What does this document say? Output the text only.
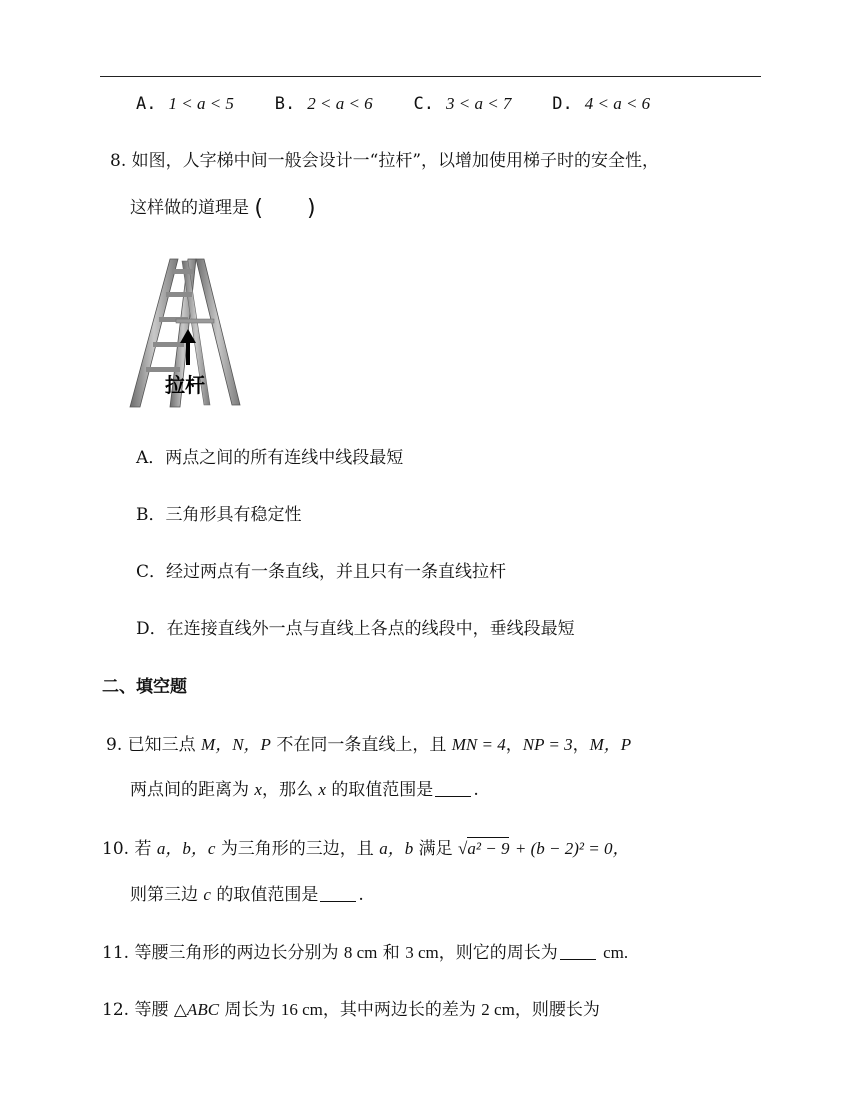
A. 1 < a < 5 B. 2 < a < 6 C. 3 < a < 7 D. 4 < a < 6
8. 如图，人字梯中间一般会设计一“拉杆”，以增加使用梯子时的安全性，
这样做的道理是 (　　)
拉杆
A．两点之间的所有连线中线段最短
B．三角形具有稳定性
C．经过两点有一条直线，并且只有一条直线拉杆
D．在连接直线外一点与直线上各点的线段中，垂线段最短
二、填空题
9. 已知三点 M，N，P 不在同一条直线上，且 MN = 4，NP = 3，M，P
两点间的距离为 x，那么 x 的取值范围是 .
10. 若 a，b，c 为三角形的三边，且 a，b 满足 √a² − 9 + (b − 2)² = 0，
则第三边 c 的取值范围是 .
11. 等腰三角形的两边长分别为 8 cm 和 3 cm，则它的周长为	cm.
12. 等腰 △ABC 周长为 16 cm，其中两边长的差为 2 cm，则腰长为
